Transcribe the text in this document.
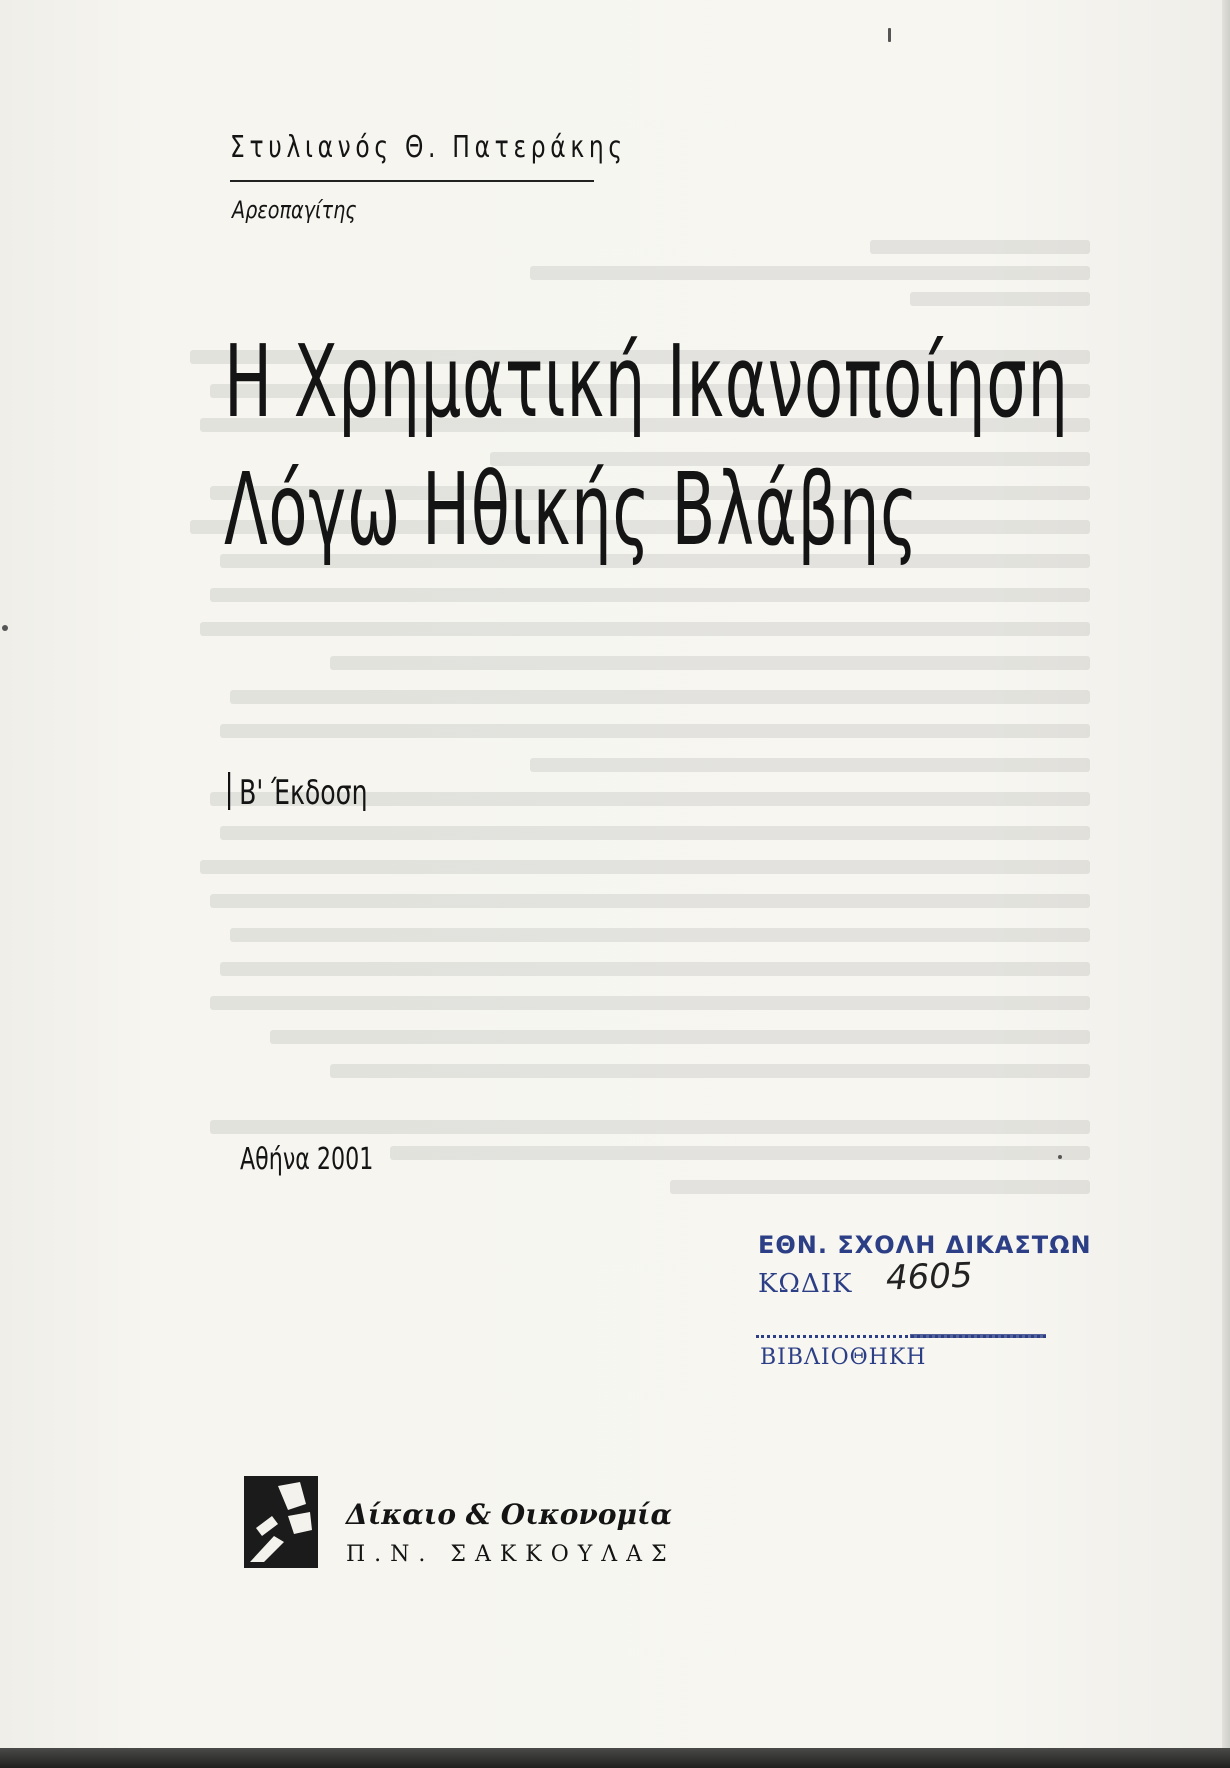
Στυλιανός Θ. Πατεράκης
Αρεοπαγίτης
Η Χρηματική Ικανοποίηση
Λόγω Ηθικής Βλάβης
Β' Έκδοση
Αθήνα 2001
ΕΘΝ. ΣΧΟΛΗ ΔΙΚΑΣΤΩΝ
ΚΩΔΙΚ 4605
ΒΙΒΛΙΟΘΗΚΗ
Δίκαιο & Οικονομία
Π.Ν. ΣΑΚΚΟΥΛΑΣ
